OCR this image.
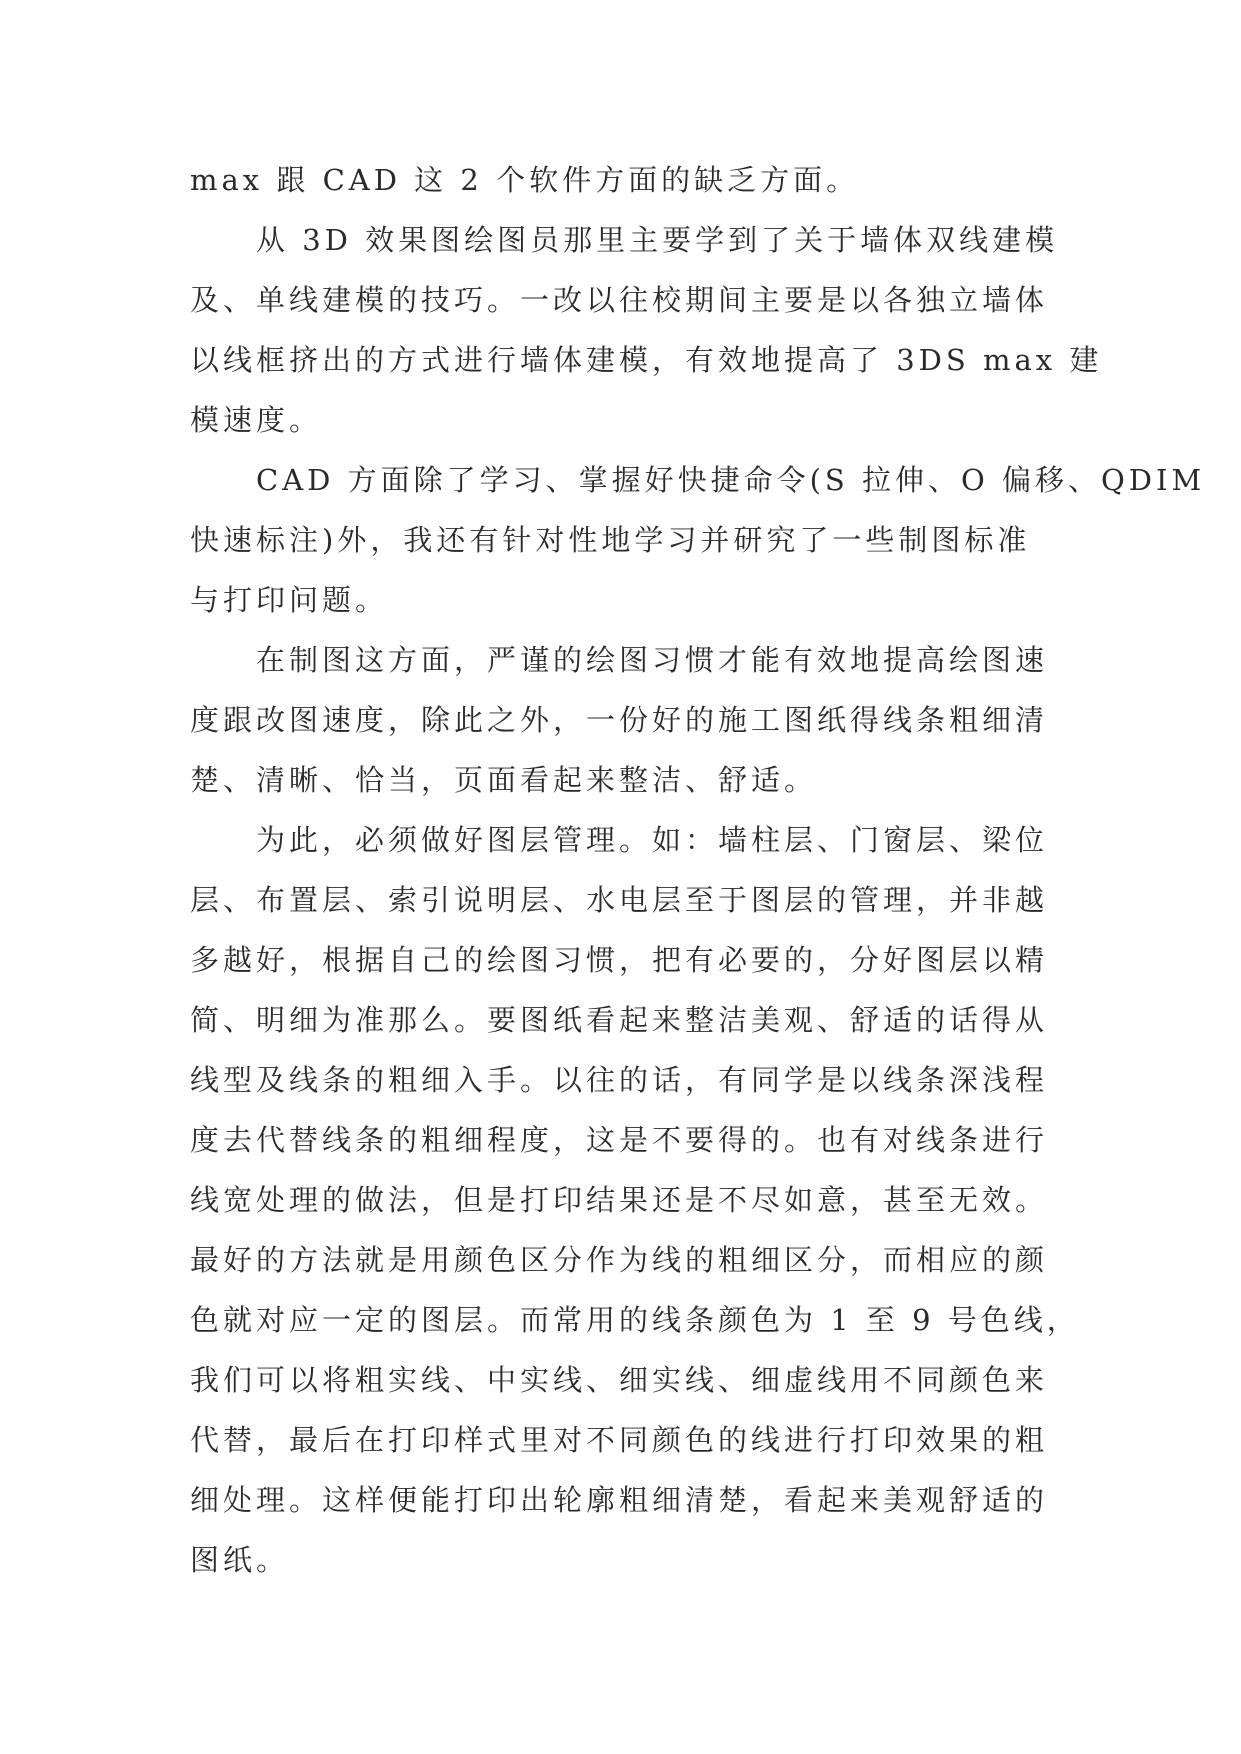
max 跟 CAD 这 2 个软件方面的缺乏方面。
从 3D 效果图绘图员那里主要学到了关于墙体双线建模
及、单线建模的技巧。一改以往校期间主要是以各独立墙体
以线框挤出的方式进行墙体建模，有效地提高了 3DS max 建
模速度。
CAD 方面除了学习、掌握好快捷命令(S 拉伸、O 偏移、QDIM
快速标注)外，我还有针对性地学习并研究了一些制图标准
与打印问题。
在制图这方面，严谨的绘图习惯才能有效地提高绘图速
度跟改图速度，除此之外，一份好的施工图纸得线条粗细清
楚、清晰、恰当，页面看起来整洁、舒适。
为此，必须做好图层管理。如：墙柱层、门窗层、梁位
层、布置层、索引说明层、水电层至于图层的管理，并非越
多越好，根据自己的绘图习惯，把有必要的，分好图层以精
简、明细为准那么。要图纸看起来整洁美观、舒适的话得从
线型及线条的粗细入手。以往的话，有同学是以线条深浅程
度去代替线条的粗细程度，这是不要得的。也有对线条进行
线宽处理的做法，但是打印结果还是不尽如意，甚至无效。
最好的方法就是用颜色区分作为线的粗细区分，而相应的颜
色就对应一定的图层。而常用的线条颜色为 1 至 9 号色线，
我们可以将粗实线、中实线、细实线、细虚线用不同颜色来
代替，最后在打印样式里对不同颜色的线进行打印效果的粗
细处理。这样便能打印出轮廓粗细清楚，看起来美观舒适的
图纸。
